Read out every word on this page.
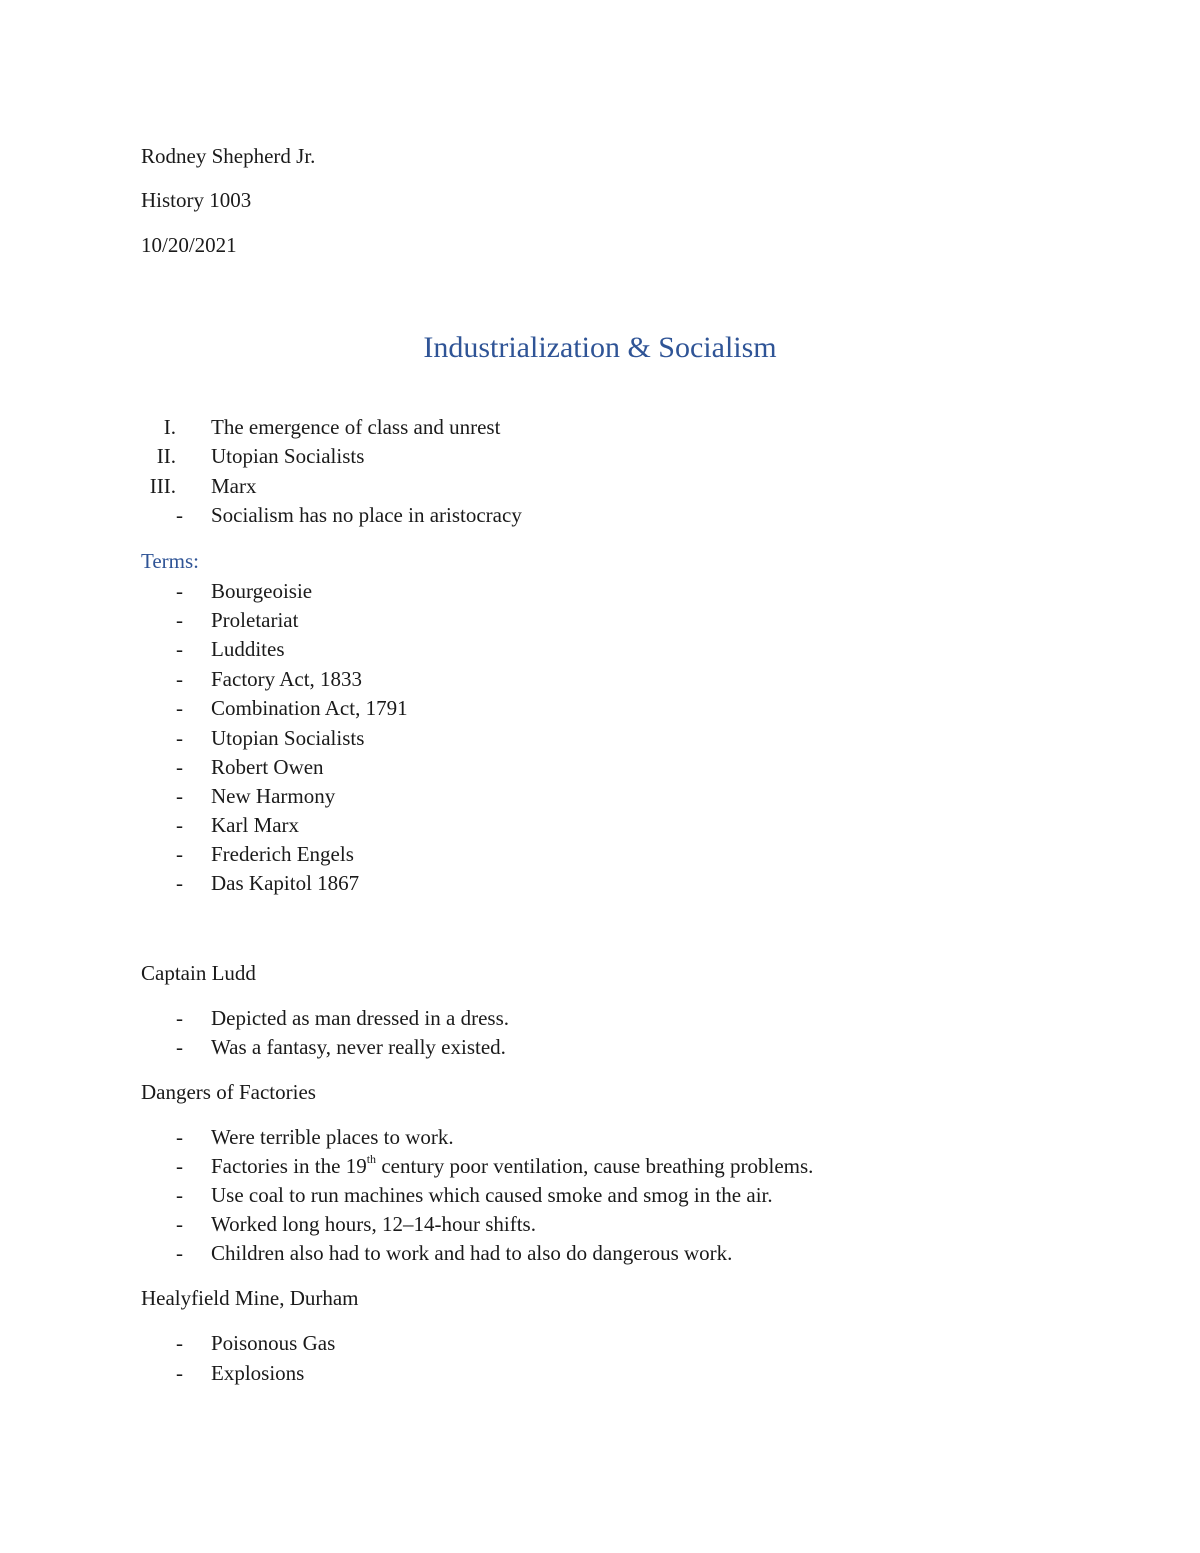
Rodney Shepherd Jr.
History 1003
10/20/2021
Industrialization & Socialism
I. The emergence of class and unrest
II. Utopian Socialists
III. Marx
- Socialism has no place in aristocracy
Terms:
- Bourgeoisie
- Proletariat
- Luddites
- Factory Act, 1833
- Combination Act, 1791
- Utopian Socialists
- Robert Owen
- New Harmony
- Karl Marx
- Frederich Engels
- Das Kapitol 1867
Captain Ludd
- Depicted as man dressed in a dress.
- Was a fantasy, never really existed.
Dangers of Factories
- Were terrible places to work.
- Factories in the 19th century poor ventilation, cause breathing problems.
- Use coal to run machines which caused smoke and smog in the air.
- Worked long hours, 12–14-hour shifts.
- Children also had to work and had to also do dangerous work.
Healyfield Mine, Durham
- Poisonous Gas
- Explosions
